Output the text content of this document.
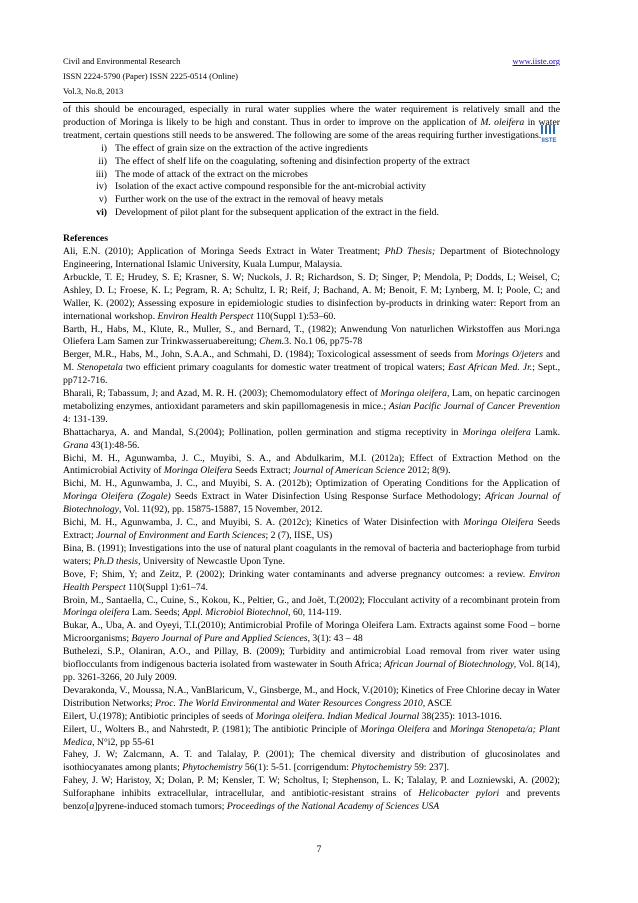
Civil and Environmental Research
ISSN 2224-5790 (Paper) ISSN 2225-0514 (Online)
Vol.3, No.8, 2013
www.iiste.org
IISTE

of this should be encouraged, especially in rural water supplies where the water requirement is relatively small and the production of Moringa is likely to be high and constant. Thus in order to improve on the application of M. oleifera in water treatment, certain questions still needs to be answered. The following are some of the areas requiring further investigations.

i) The effect of grain size on the extraction of the active ingredients
ii) The effect of shelf life on the coagulating, softening and disinfection property of the extract
iii) The mode of attack of the extract on the microbes
iv) Isolation of the exact active compound responsible for the ant-microbial activity
v) Further work on the use of the extract in the removal of heavy metals
vi) Development of pilot plant for the subsequent application of the extract in the field.

References

Ali, E.N. (2010); Application of Moringa Seeds Extract in Water Treatment; PhD Thesis; Department of Biotechnology Engineering, International Islamic University, Kuala Lumpur, Malaysia.

Arbuckle, T. E; Hrudey, S. E; Krasner, S. W; Nuckols, J. R; Richardson, S. D; Singer, P; Mendola, P; Dodds, L; Weisel, C; Ashley, D. L; Froese, K. L; Pegram, R. A; Schultz, I. R; Reif, J; Bachand, A. M; Benoit, F. M; Lynberg, M. I; Poole, C; and Waller, K. (2002); Assessing exposure in epidemiologic studies to disinfection by-products in drinking water: Report from an international workshop. Environ Health Perspect 110(Suppl 1):53–60.

Barth, H., Habs, M., Klute, R., Muller, S., and Bernard, T., (1982); Anwendung Von naturlichen Wirkstoffen aus Mori.nga Oliefera Lam Samen zur Trinkwasseruabereitung; Chem.3. No.1 06, pp75-78

Berger, M.R., Habs, M., John, S.A.A., and Schmahi, D. (1984); Toxicological assessment of seeds from Morings O/jeters and M. Stenopetala two efficient primary coagulants for domestic water treatment of tropical waters; East African Med. Jr.; Sept., pp712-716.

Bharali, R; Tabassum, J; and Azad, M. R. H. (2003); Chemomodulatory effect of Moringa oleifera, Lam, on hepatic carcinogen metabolizing enzymes, antioxidant parameters and skin papillomagenesis in mice.; Asian Pacific Journal of Cancer Prevention 4: 131-139.

Bhattacharya, A. and Mandal, S.(2004); Pollination, pollen germination and stigma receptivity in Moringa oleifera Lamk. Grana 43(1):48-56.

Bichi, M. H., Agunwamba, J. C., Muyibi, S. A., and Abdulkarim, M.I. (2012a); Effect of Extraction Method on the Antimicrobial Activity of Moringa Oleifera Seeds Extract; Journal of American Science 2012; 8(9).

Bichi, M. H., Agunwamba, J. C., and Muyibi, S. A. (2012b); Optimization of Operating Conditions for the Application of Moringa Oleifera (Zogale) Seeds Extract in Water Disinfection Using Response Surface Methodology; African Journal of Biotechnology, Vol. 11(92), pp. 15875-15887, 15 November, 2012.

Bichi, M. H., Agunwamba, J. C., and Muyibi, S. A. (2012c); Kinetics of Water Disinfection with Moringa Oleifera Seeds Extract; Journal of Environment and Earth Sciences; 2 (7), IISE, US)

Bina, B. (1991); Investigations into the use of natural plant coagulants in the removal of bacteria and bacteriophage from turbid waters; Ph.D thesis, University of Newcastle Upon Tyne.

Bove, F; Shim, Y; and Zeitz, P. (2002); Drinking water contaminants and adverse pregnancy outcomes: a review. Environ Health Perspect 110(Suppl 1):61–74.

Broin, M., Santaella, C., Cuine, S., Kokou, K., Peltier, G., and Joët, T.(2002); Flocculant activity of a recombinant protein from Moringa oleifera Lam. Seeds; Appl. Microbiol Biotechnol, 60, 114-119.

Bukar, A., Uba, A. and Oyeyi, T.I.(2010); Antimicrobial Profile of Moringa Oleifera Lam. Extracts against some Food – borne Microorganisms; Bayero Journal of Pure and Applied Sciences, 3(1): 43 – 48

Buthelezi, S.P., Olaniran, A.O., and Pillay, B. (2009); Turbidity and antimicrobial Load removal from river water using bioflocculants from indigenous bacteria isolated from wastewater in South Africa; African Journal of Biotechnology, Vol. 8(14), pp. 3261-3266, 20 July 2009.

Devarakonda, V., Moussa, N.A., VanBlaricum, V., Ginsberge, M., and Hock, V.(2010); Kinetics of Free Chlorine decay in Water Distribution Networks; Proc. The World Environmental and Water Resources Congress 2010, ASCE

Eilert, U.(1978); Antibiotic principles of seeds of Moringa oleifera. Indian Medical Journal 38(235): 1013-1016.

Eilert, U., Wolters B., and Nahrstedt, P. (1981); The antibiotic Principle of Moringa Oleifera and Moringa Stenopeta/a; Plant Medica, N°i2, pp 55-61

Fahey, J. W; Zalcmann, A. T. and Talalay, P. (2001); The chemical diversity and distribution of glucosinolates and isothiocyanates among plants; Phytochemistry 56(1): 5-51. [corrigendum: Phytochemistry 59: 237].

Fahey, J. W; Haristoy, X; Dolan, P. M; Kensler, T. W; Scholtus, I; Stephenson, L. K; Talalay, P. and Lozniewski, A. (2002); Sulforaphane inhibits extracellular, intracellular, and antibiotic-resistant strains of Helicobacter pylori and prevents benzo[a]pyrene-induced stomach tumors; Proceedings of the National Academy of Sciences USA

7
